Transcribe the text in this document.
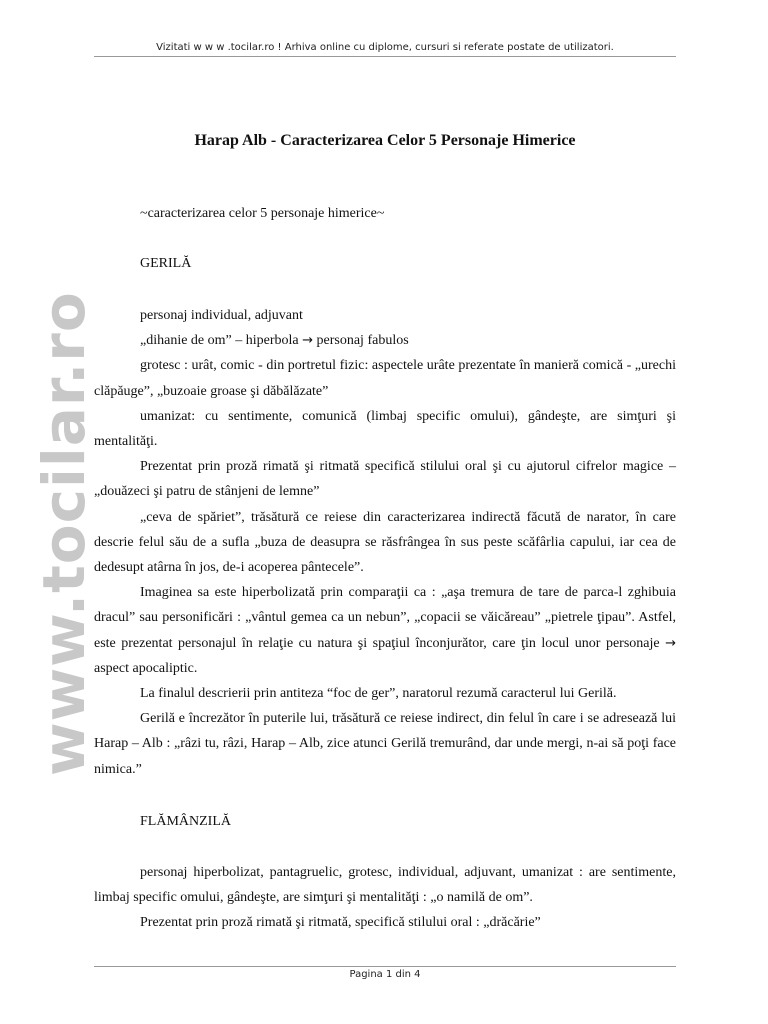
Vizitati w w w .tocilar.ro ! Arhiva online cu diplome, cursuri si referate postate de utilizatori.
www.tocilar.ro
Harap Alb - Caracterizarea Celor 5 Personaje Himerice
~caracterizarea celor 5 personaje himerice~
GERILĂ

personaj individual, adjuvant

„dihanie de om” – hiperbola → personaj fabulos

grotesc : urât, comic - din portretul fizic: aspectele urâte prezentate în manieră comică - „urechi clăpăuge”, „buzoaie groase şi dăbălăzate”

umanizat: cu sentimente, comunică (limbaj specific omului), gândeşte, are simţuri şi mentalităţi.

Prezentat prin proză rimată şi ritmată specifică stilului oral şi cu ajutorul cifrelor magice – „douăzeci şi patru de stânjeni de lemne”

„ceva de spăriet”, trăsătură ce reiese din caracterizarea indirectă făcută de narator, în care descrie felul său de a sufla „buza de deasupra se răsfrângea în sus peste scăfârlia capului, iar cea de dedesupt atârna în jos, de-i acoperea pântecele”.

Imaginea sa este hiperbolizată prin comparaţii ca : „aşa tremura de tare de parca-l zghibuia dracul” sau personificări : „vântul gemea ca un nebun”, „copacii se văicăreau” „pietrele ţipau”. Astfel, este prezentat personajul în relaţie cu natura şi spaţiul înconjurător, care ţin locul unor personaje → aspect apocaliptic.

La finalul descrierii prin antiteza “foc de ger”, naratorul rezumă caracterul lui Gerilă.

Gerilă e încrezător în puterile lui, trăsătură ce reiese indirect, din felul în care i se adresează lui Harap – Alb : „râzi tu, râzi, Harap – Alb, zice atunci Gerilă tremurând, dar unde mergi, n-ai să poţi face nimica.”

FLĂMÂNZILĂ

personaj hiperbolizat, pantagruelic, grotesc, individual, adjuvant, umanizat : are sentimente, limbaj specific omului, gândeşte, are simţuri şi mentalităţi : „o namilă de om”.

Prezentat prin proză rimată şi ritmată, specifică stilului oral : „drăcărie”

Pagina 1 din 4
